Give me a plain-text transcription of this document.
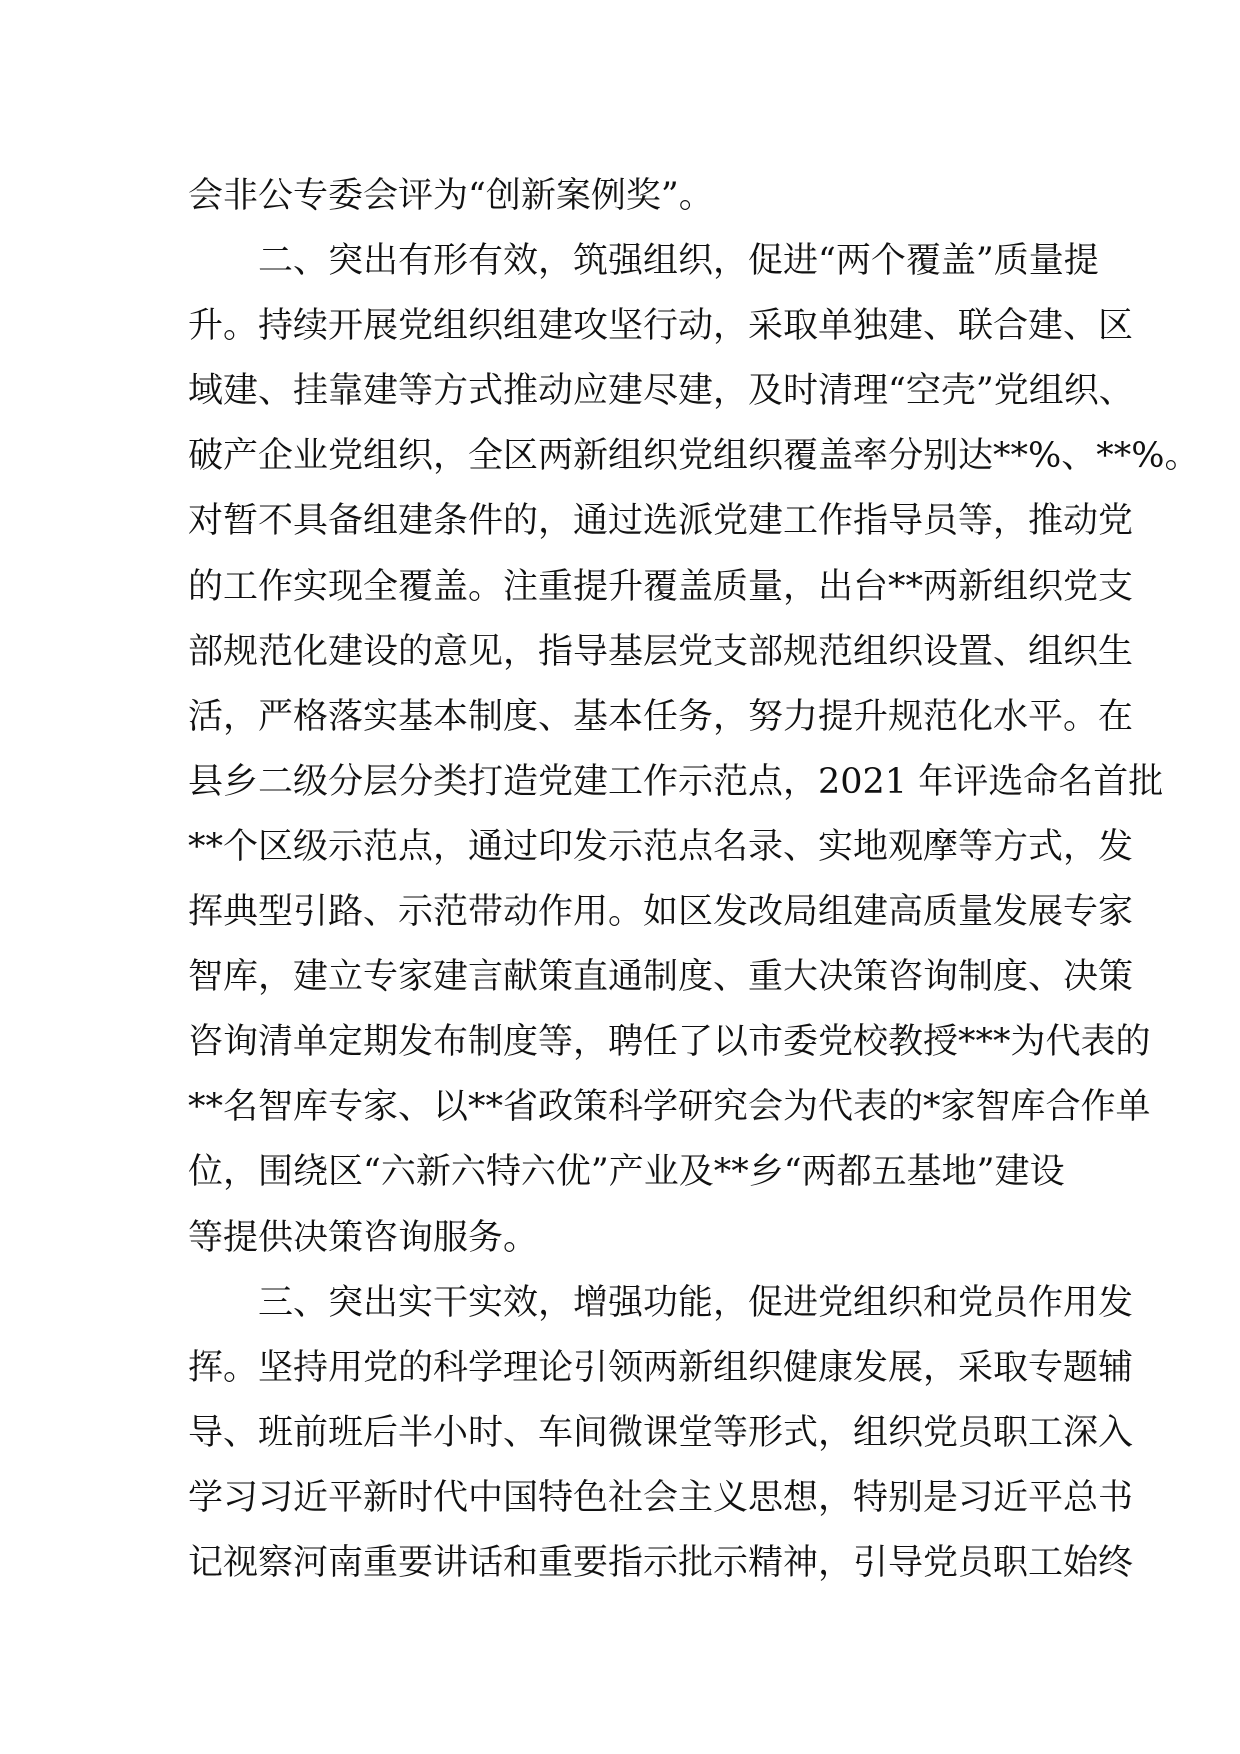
会非公专委会评为“创新案例奖”。
二、突出有形有效，筑强组织，促进“两个覆盖”质量提
升。持续开展党组织组建攻坚行动，采取单独建、联合建、区
域建、挂靠建等方式推动应建尽建，及时清理“空壳”党组织、
破产企业党组织，全区两新组织党组织覆盖率分别达**%、**%。
对暂不具备组建条件的，通过选派党建工作指导员等，推动党
的工作实现全覆盖。注重提升覆盖质量，出台**两新组织党支
部规范化建设的意见，指导基层党支部规范组织设置、组织生
活，严格落实基本制度、基本任务，努力提升规范化水平。在
县乡二级分层分类打造党建工作示范点，2021 年评选命名首批
**个区级示范点，通过印发示范点名录、实地观摩等方式，发
挥典型引路、示范带动作用。如区发改局组建高质量发展专家
智库，建立专家建言献策直通制度、重大决策咨询制度、决策
咨询清单定期发布制度等，聘任了以市委党校教授***为代表的
**名智库专家、以**省政策科学研究会为代表的*家智库合作单
位，围绕区“六新六特六优”产业及**乡“两都五基地”建设
等提供决策咨询服务。
三、突出实干实效，增强功能，促进党组织和党员作用发
挥。坚持用党的科学理论引领两新组织健康发展，采取专题辅
导、班前班后半小时、车间微课堂等形式，组织党员职工深入
学习习近平新时代中国特色社会主义思想，特别是习近平总书
记视察河南重要讲话和重要指示批示精神，引导党员职工始终
